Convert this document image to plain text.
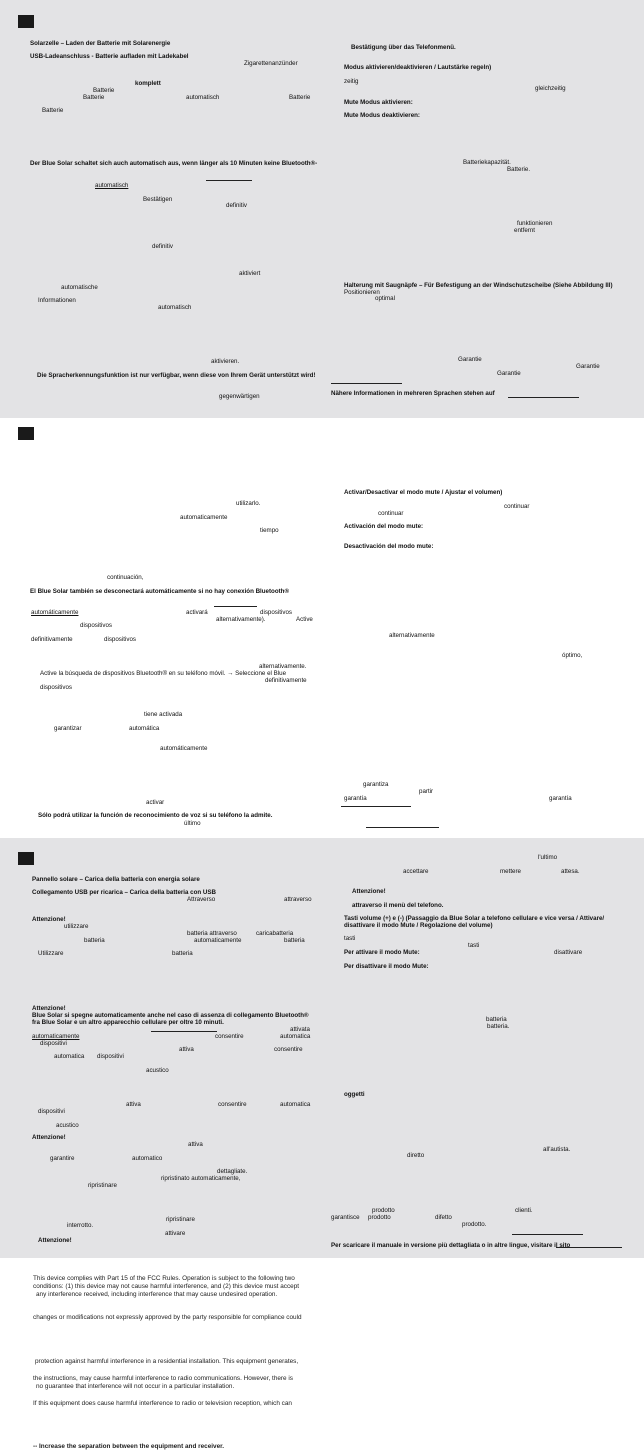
Solarzelle – Laden der Batterie mit Solarenergie
USB-Ladeanschluss - Batterie aufladen mit Ladekabel
Zigarettenanzünder
komplett
Batterie
Batterie	automatisch	Batterie
Batterie
Der Blue Solar schaltet sich auch automatisch aus, wenn länger als 10 Minuten keine Bluetooth®-
automatisch
Bestätigen
definitiv
definitiv
aktiviert
automatische
Informationen
automatisch
aktivieren.
Die Spracherkennungsfunktion ist nur verfügbar, wenn diese von Ihrem Gerät unterstützt wird!
gegenwärtigen
Bestätigung über das Telefonmenü.
Modus aktivieren/deaktivieren / Lautstärke regeln)
zeitig
gleichzeitig
Mute Modus aktivieren:
Mute Modus deaktivieren:
Batteriekapazität.
Batterie.
funktionieren
entfernt
Halterung mit Saugnäpfe – Für Befestigung an der Windschutzscheibe (Siehe Abbildung III)
Positionieren
optimal
Garantie
Garantie
Garantie
Nähere Informationen in mehreren Sprachen stehen auf
utilizarlo.
automaticamente
tiempo
continuación,
El Blue Solar también se desconectará automáticamente si no hay conexión Bluetooth®
automáticamente	activará	dispositivos
alternativamente).	Active
dispositivos
definitivamente	dispositivos
alternativamente.
Active la búsqueda de dispositivos Bluetooth® en su teléfono móvil. → Seleccione el Blue
definitivamente
dispositivos
tiene activada
garantizar	automática
automáticamente
activar
Sólo podrá utilizar la función de reconocimiento de voz si su teléfono la admite.
último
Activar/Desactivar el modo mute / Ajustar el volumen)
continuar
continuar
Activación del modo mute:
Desactivación del modo mute:
alternativamente
óptimo,
garantiza
partir
garantía	garantía
Pannello solare – Carica della batteria con energia solare
Collegamento USB per ricarica – Carica della batteria con USB
Attraverso	attraverso
Attenzione!
utilizzare
batteria attraverso	caricabatteria
batteria	automaticamente	batteria
Utilizzare	batteria
Attenzione!
Blue Solar si spegne automaticamente anche nel caso di assenza di collegamento Bluetooth®
fra Blue Solar e un altro apparecchio cellulare per oltre 10 minuti.
attivata
automaticamente	consentire	automatica
dispositivi
attiva	consentire
automatica dispositivi
acustico
attiva	consentire	automatica
dispositivi
acustico
Attenzione!
attiva
garantire	automatico
dettagliate.
ripristinato automaticamente,
ripristinare
ripristinare
interrotto.
attivare
Attenzione!
l'ultimo
accettare	mettere	attesa.
Attenzione!
attraverso il menù del telefono.
Tasti volume (+) e (-) (Passaggio da Blue Solar a telefono cellulare e vice versa / Attivare/
disattivare il modo Mute / Regolazione del volume)
tasti
tasti
Per attivare il modo Mute:	disattivare
Per disattivare il modo Mute:
batteria
batteria.
oggetti
all'autista.
diretto
prodotto	clienti.
garantisce prodotto	difetto
prodotto.
Per scaricare il manuale in versione più dettagliata o in altre lingue, visitare il sito
This device complies with Part 15 of the FCC Rules. Operation is subject to the following two
conditions: (1) this device may not cause harmful interference, and (2) this device must accept
any interference received, including interference that may cause undesired operation.
changes or modifications not expressly approved by the party responsible for compliance could
protection against harmful interference in a residential installation. This equipment generates,
the instructions, may cause harmful interference to radio communications. However, there is
no guarantee that interference will not occur in a particular installation.
If this equipment does cause harmful interference to radio or television reception, which can
-- Increase the separation between the equipment and receiver.
